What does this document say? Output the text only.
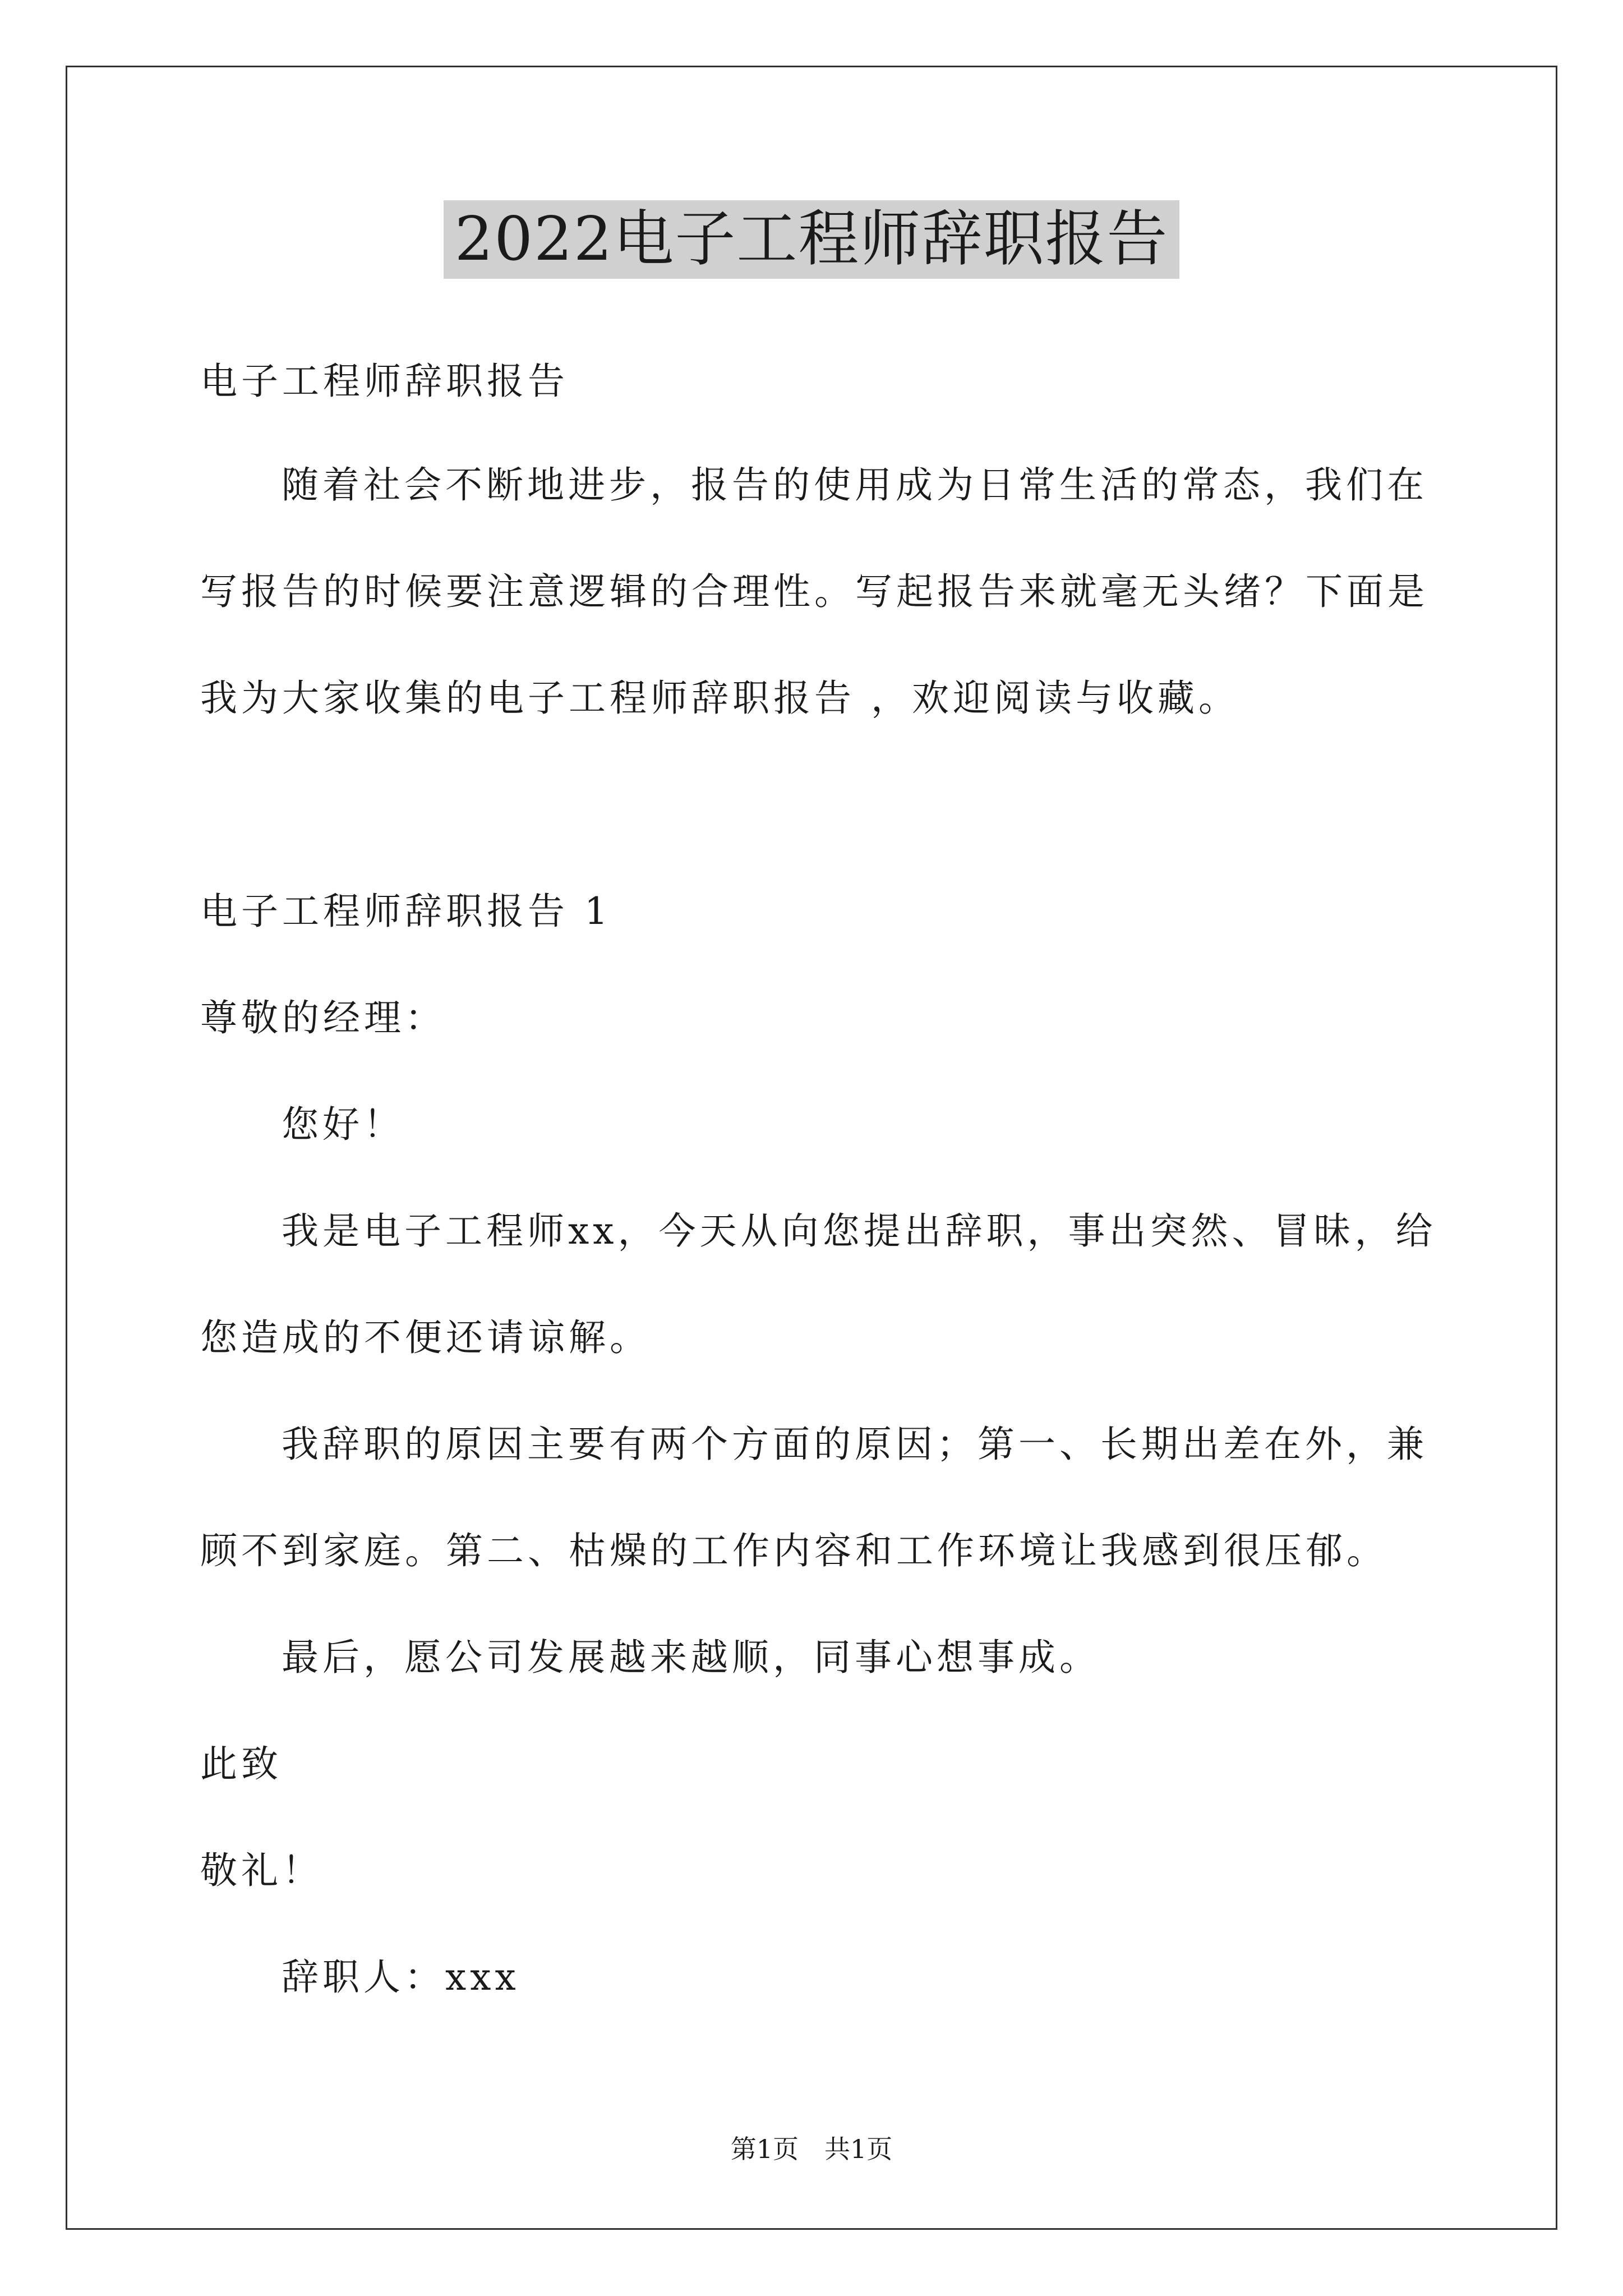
2022电子工程师辞职报告
电子工程师辞职报告
随着社会不断地进步，报告的使用成为日常生活的常态，我们在
写报告的时候要注意逻辑的合理性。写起报告来就毫无头绪？下面是
我为大家收集的电子工程师辞职报告 ，欢迎阅读与收藏。
电子工程师辞职报告 1
尊敬的经理：
您好！
我是电子工程师xx，今天从向您提出辞职，事出突然、冒昧，给
您造成的不便还请谅解。
我辞职的原因主要有两个方面的原因；第一、长期出差在外，兼
顾不到家庭。第二、枯燥的工作内容和工作环境让我感到很压郁。
最后，愿公司发展越来越顺，同事心想事成。
此致
敬礼！
辞职人：xxx
第1页　共1页
